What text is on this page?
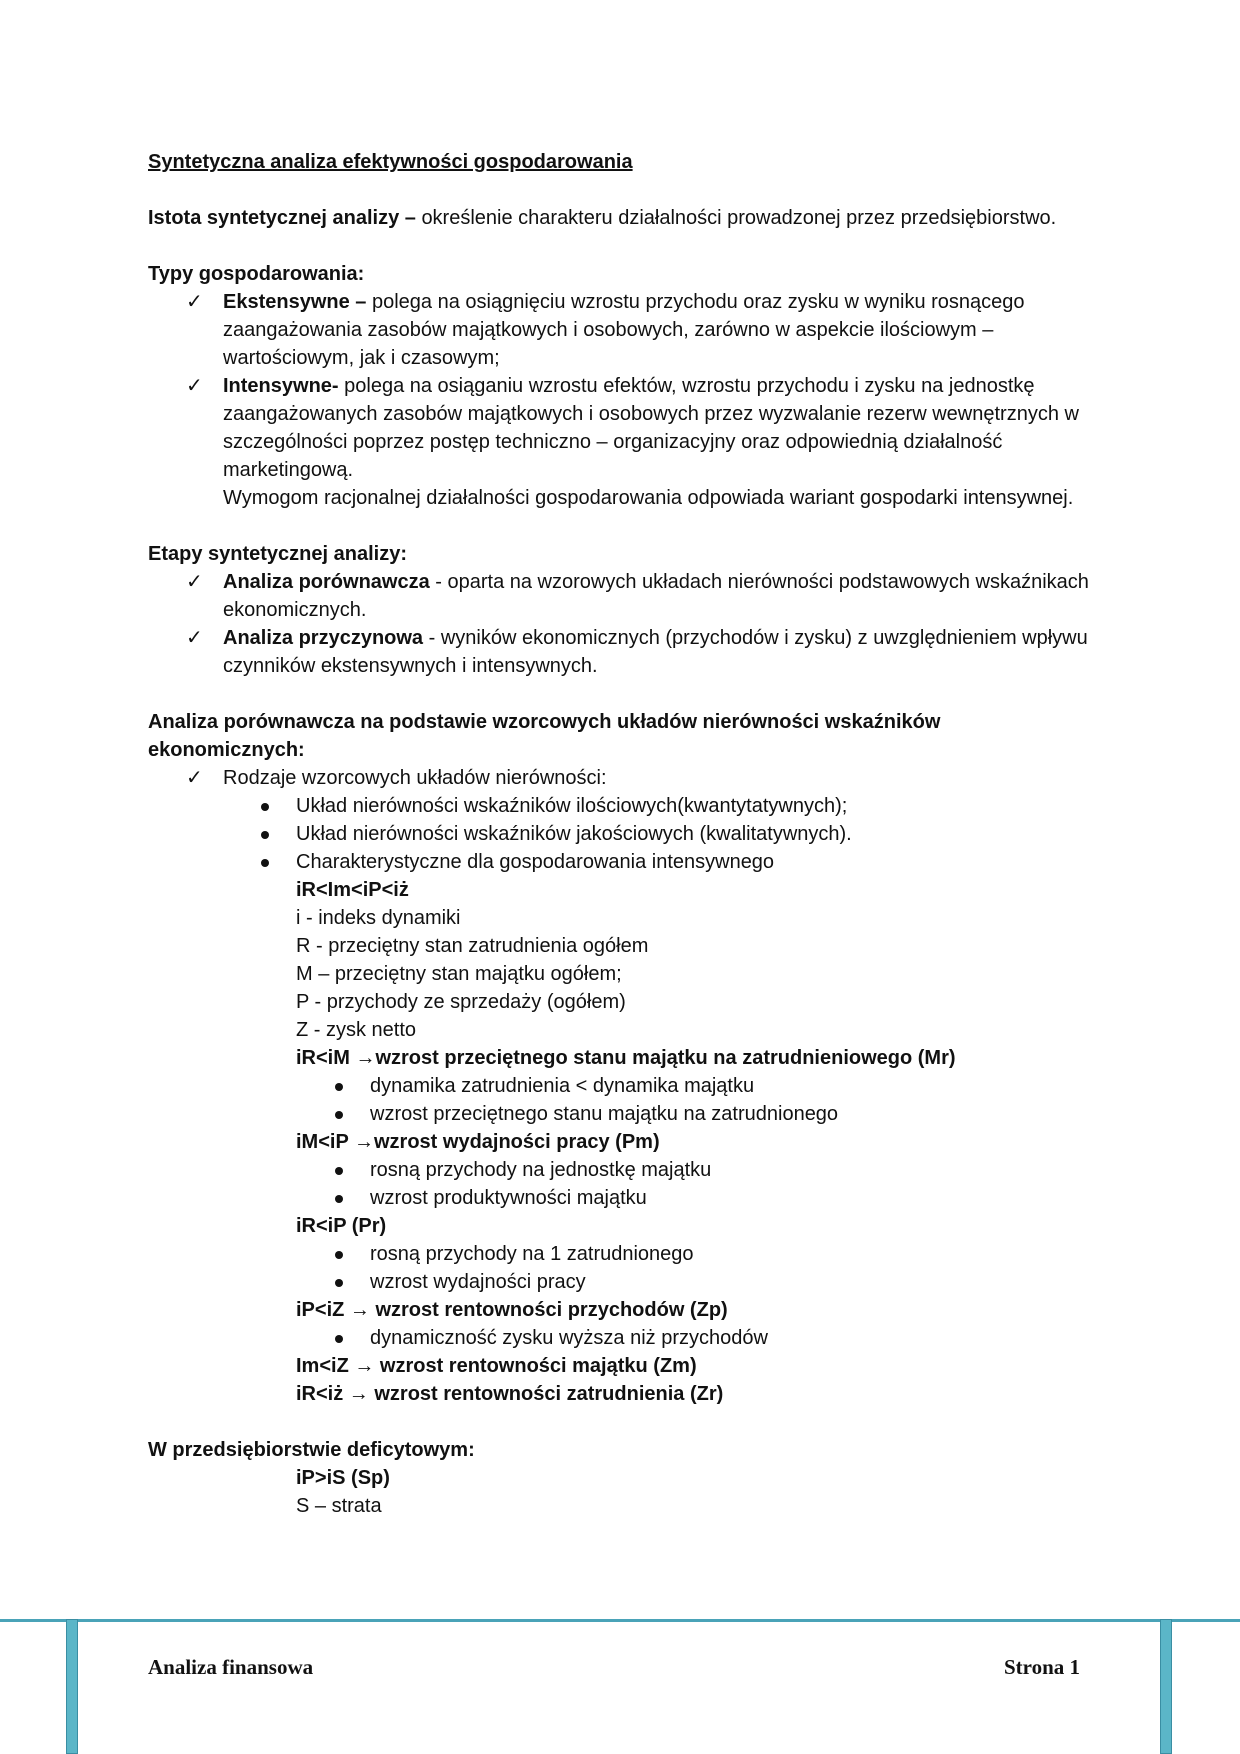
Syntetyczna analiza efektywności gospodarowania

Istota syntetycznej analizy – określenie charakteru działalności prowadzonej przez przedsiębiorstwo.

Typy gospodarowania:

✓ Ekstensywne – polega na osiągnięciu wzrostu przychodu oraz zysku w wyniku rosnącego zaangażowania zasobów majątkowych i osobowych, zarówno w aspekcie ilościowym – wartościowym, jak i czasowym;
✓ Intensywne- polega na osiąganiu wzrostu efektów, wzrostu przychodu i zysku na jednostkę zaangażowanych zasobów majątkowych i osobowych przez wyzwalanie rezerw wewnętrznych w szczególności poprzez postęp techniczno – organizacyjny oraz odpowiednią działalność marketingową.

Wymogom racjonalnej działalności gospodarowania odpowiada wariant gospodarki intensywnej.

Etapy syntetycznej analizy:

✓ Analiza porównawcza - oparta na wzorowych układach nierówności podstawowych wskaźnikach ekonomicznych.
✓ Analiza przyczynowa - wyników ekonomicznych (przychodów i zysku) z uwzględnieniem wpływu czynników ekstensywnych i intensywnych.

Analiza porównawcza na podstawie wzorcowych układów nierówności wskaźników ekonomicznych:

✓ Rodzaje wzorcowych układów nierówności:
Układ nierówności wskaźników ilościowych(kwantytatywnych);
Układ nierówności wskaźników jakościowych (kwalitatywnych).
Charakterystyczne dla gospodarowania intensywnego

iR<Im<iP<iż

i - indeks dynamiki

R - przeciętny stan zatrudnienia ogółem

M – przeciętny stan majątku ogółem;

P - przychody ze sprzedaży (ogółem)

Z - zysk netto

iR<iM →wzrost przeciętnego stanu majątku na zatrudnieniowego (Mr)

dynamika zatrudnienia < dynamika majątku
wzrost przeciętnego stanu majątku na zatrudnionego

iM<iP →wzrost wydajności pracy (Pm)

rosną przychody na jednostkę majątku
wzrost produktywności majątku

iR<iP (Pr)

rosną przychody na 1 zatrudnionego
wzrost wydajności pracy

iP<iZ → wzrost rentowności przychodów (Zp)

dynamiczność zysku wyższa niż przychodów

Im<iZ → wzrost rentowności majątku (Zm)

iR<iż → wzrost rentowności zatrudnienia (Zr)

W przedsiębiorstwie deficytowym:

iP>iS (Sp)

S – strata

Analiza finansowa	Strona 1
